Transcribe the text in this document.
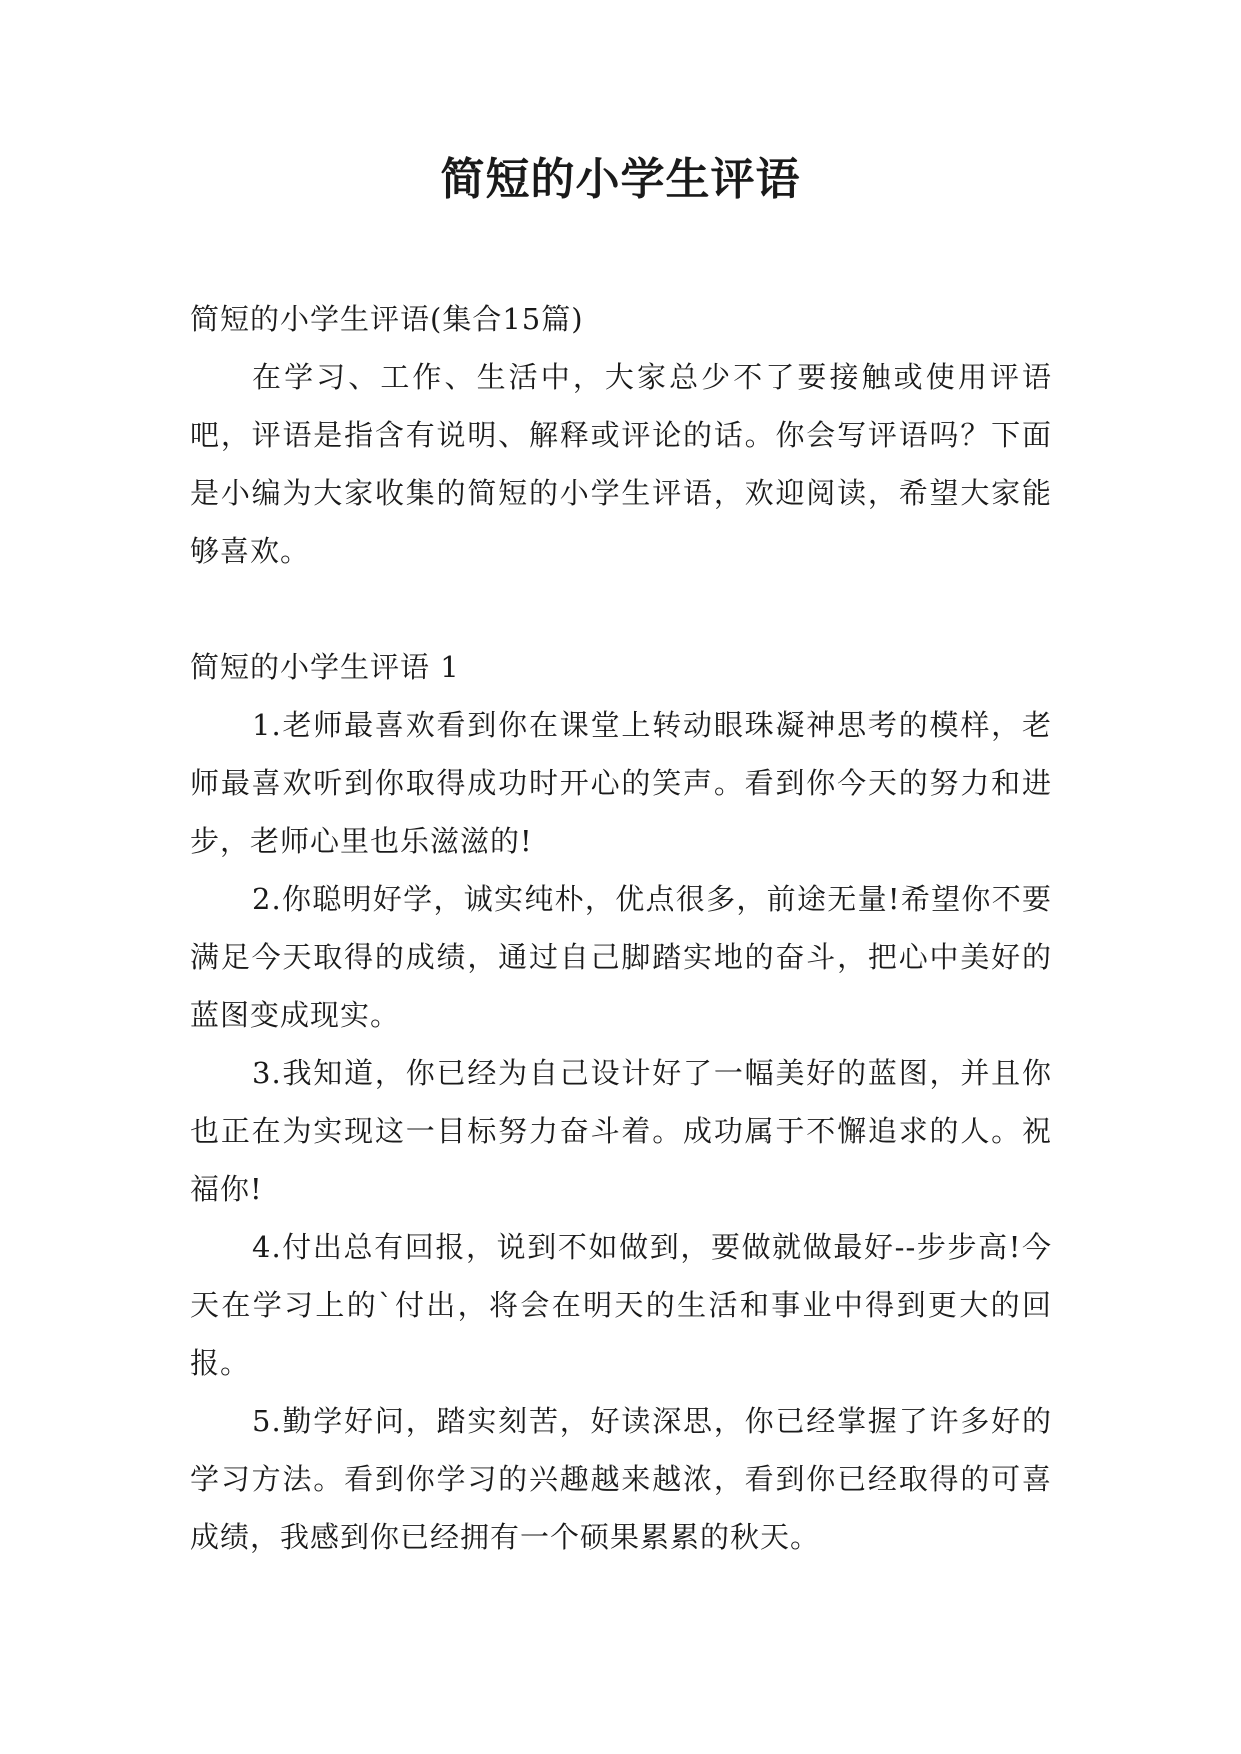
简短的小学生评语

简短的小学生评语(集合15篇)

在学习、工作、生活中，大家总少不了要接触或使用评语吧，评语是指含有说明、解释或评论的话。你会写评语吗？下面是小编为大家收集的简短的小学生评语，欢迎阅读，希望大家能够喜欢。

简短的小学生评语 1

1.老师最喜欢看到你在课堂上转动眼珠凝神思考的模样，老师最喜欢听到你取得成功时开心的笑声。看到你今天的努力和进步，老师心里也乐滋滋的!

2.你聪明好学，诚实纯朴，优点很多，前途无量!希望你不要满足今天取得的成绩，通过自己脚踏实地的奋斗，把心中美好的蓝图变成现实。

3.我知道，你已经为自己设计好了一幅美好的蓝图，并且你也正在为实现这一目标努力奋斗着。成功属于不懈追求的人。祝福你!

4.付出总有回报，说到不如做到，要做就做最好--步步高!今天在学习上的`付出，将会在明天的生活和事业中得到更大的回报。

5.勤学好问，踏实刻苦，好读深思，你已经掌握了许多好的学习方法。看到你学习的兴趣越来越浓，看到你已经取得的可喜成绩，我感到你已经拥有一个硕果累累的秋天。
